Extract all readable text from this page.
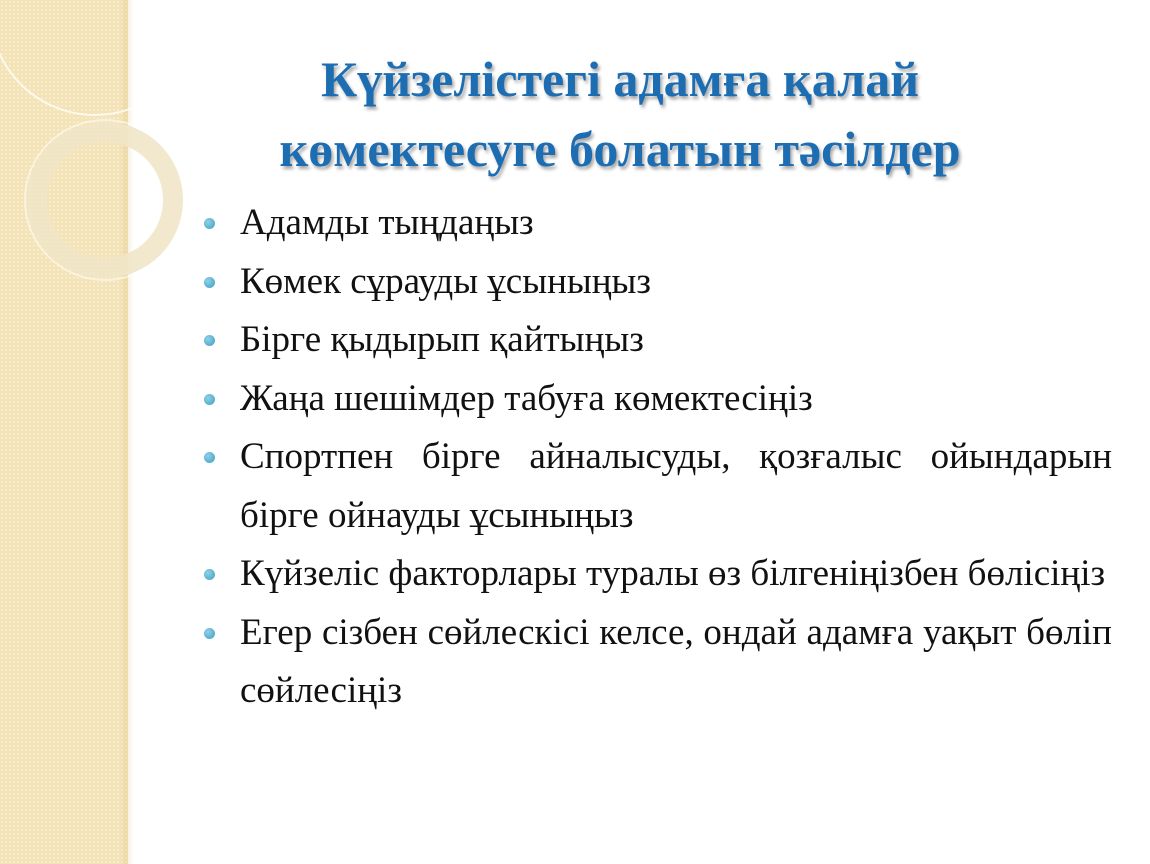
Күйзелістегі адамға қалай
көмектесуге болатын тәсілдер
Адамды тыңдаңыз
Көмек сұрауды ұсыныңыз
Бірге қыдырып қайтыңыз
Жаңа шешімдер табуға көмектесіңіз
Спортпен бірге айналысуды, қозғалыс ойындарын бірге ойнауды ұсыныңыз
Күйзеліс факторлары туралы өз білгеніңізбен бөлісіңіз
Егер сізбен сөйлескісі келсе, ондай адамға уақыт бөліп сөйлесіңіз
